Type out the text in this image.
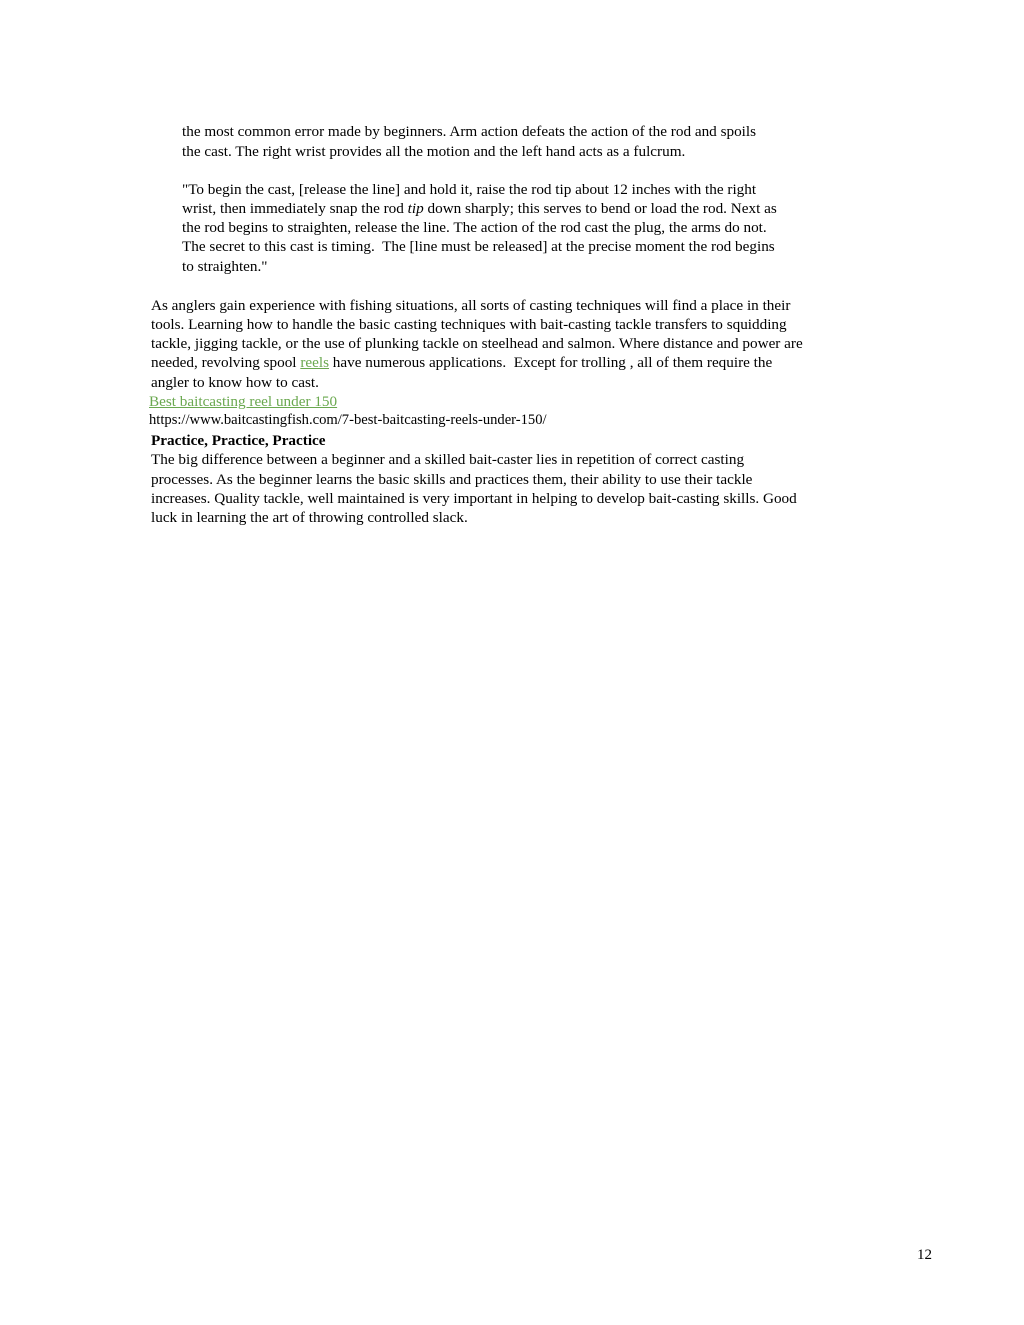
the most common error made by beginners. Arm action defeats the action of the rod and spoils
the cast. The right wrist provides all the motion and the left hand acts as a fulcrum.
"To begin the cast, [release the line] and hold it, raise the rod tip about 12 inches with the right
wrist, then immediately snap the rod tip down sharply; this serves to bend or load the rod. Next as
the rod begins to straighten, release the line. The action of the rod cast the plug, the arms do not.
The secret to this cast is timing.  The [line must be released] at the precise moment the rod begins
to straighten."
As anglers gain experience with fishing situations, all sorts of casting techniques will find a place in their
tools. Learning how to handle the basic casting techniques with bait-casting tackle transfers to squidding
tackle, jigging tackle, or the use of plunking tackle on steelhead and salmon. Where distance and power are
needed, revolving spool reels have numerous applications.  Except for trolling , all of them require the
angler to know how to cast.
Best baitcasting reel under 150
https://www.baitcastingfish.com/7-best-baitcasting-reels-under-150/
Practice, Practice, Practice
The big difference between a beginner and a skilled bait-caster lies in repetition of correct casting
processes. As the beginner learns the basic skills and practices them, their ability to use their tackle
increases. Quality tackle, well maintained is very important in helping to develop bait-casting skills. Good
luck in learning the art of throwing controlled slack.
12
